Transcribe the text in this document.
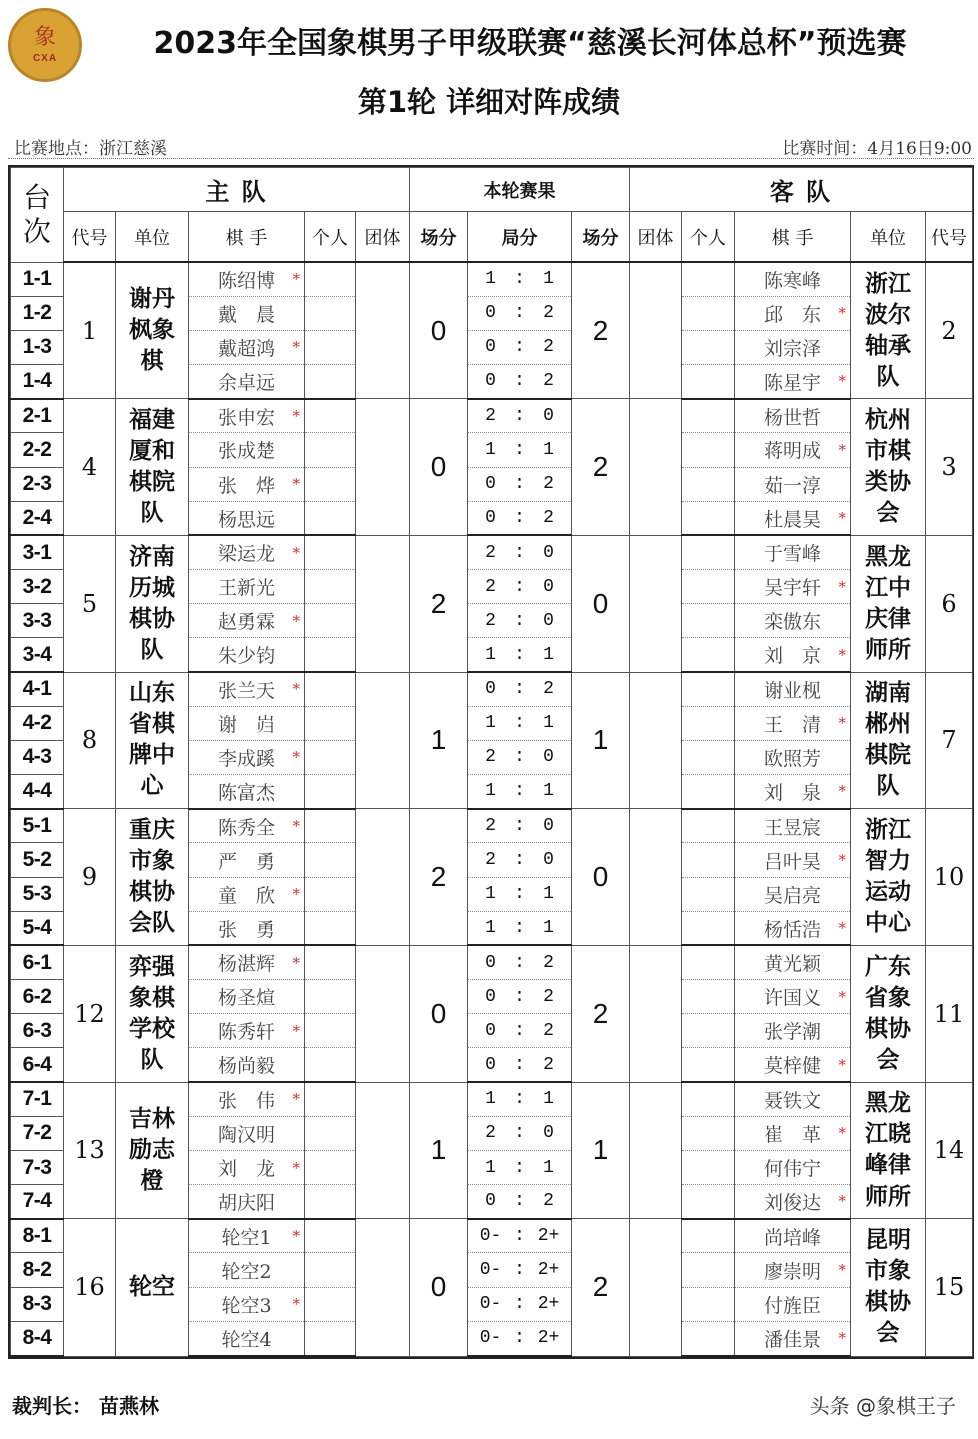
象
CXA	2023年全国象棋男子甲级联赛“慈溪长河体总杯”预选赛
第1轮 详细对阵成绩
比赛地点：浙江慈溪	比赛时间：4月16日9:00
台次	主 队					本轮赛果			客 队				
	代号	单位	棋 手	个人	团体	场分	局分	场分	团体	个人	棋 手	单位	代号
1-1	1	谢丹枫象棋	陈绍博 *			0	1 : 1	2			陈寒峰	浙江波尔轴承队	2
1-2			戴　晨				0 : 2				邱　东 *		

1-3			戴超鸿 *				0 : 2				刘宗泽		
1-4			余卓远				0 : 2				陈星宇 *		

2-1	4	福建厦和棋院队	张申宏 *			0	2 : 0	2			杨世哲	杭州市棋类协会	3
2-2			张成楚				1 : 1				蒋明成 *		

2-3			张　烨 *				0 : 2				茹一淳		
2-4			杨思远				0 : 2				杜晨昊 *		

3-1	5	济南历城棋协队	梁运龙 *			2	2 : 0	0			于雪峰	黑龙江中庆律师所	6
3-2			王新光				2 : 0				吴宇轩 *		

3-3			赵勇霖 *				2 : 0				栾傲东		
3-4			朱少钧				1 : 1				刘　京 *		

4-1	8	山东省棋牌中心	张兰天 *			1	0 : 2	1			谢业枧	湖南郴州棋院队	7
4-2			谢　岿				1 : 1				王　清 *		

4-3			李成蹊 *				2 : 0				欧照芳		
4-4			陈富杰				1 : 1				刘　泉 *		

5-1	9	重庆市象棋协会队	陈秀全 *			2	2 : 0	0			王昱宸	浙江智力运动中心	10
5-2			严　勇				2 : 0				吕叶昊 *		

5-3			童　欣 *				1 : 1				吴启亮		
5-4			张　勇				1 : 1				杨恬浩 *		

6-1	12	弈强象棋学校队	杨湛辉 *			0	0 : 2	2			黄光颖	广东省象棋协会	11
6-2			杨圣煊				0 : 2				许国义 *		

6-3			陈秀轩 *				0 : 2				张学潮		
6-4			杨尚毅				0 : 2				莫梓健 *		

7-1	13	吉林励志橙	张　伟 *			1	1 : 1	1			聂铁文	黑龙江晓峰律师所	14
7-2			陶汉明				2 : 0				崔　革 *		

7-3			刘　龙 *				1 : 1				何伟宁		
7-4			胡庆阳				0 : 2				刘俊达 *		

8-1	16	轮空	轮空1 *			0	0- : 2+	2			尚培峰	昆明市象棋协会	15
8-2			轮空2				0- : 2+				廖崇明 *		

8-3			轮空3 *				0- : 2+				付旌臣		
8-4			轮空4				0- : 2+				潘佳景 *		
裁判长： 苗燕林	头条 @象棋王子
